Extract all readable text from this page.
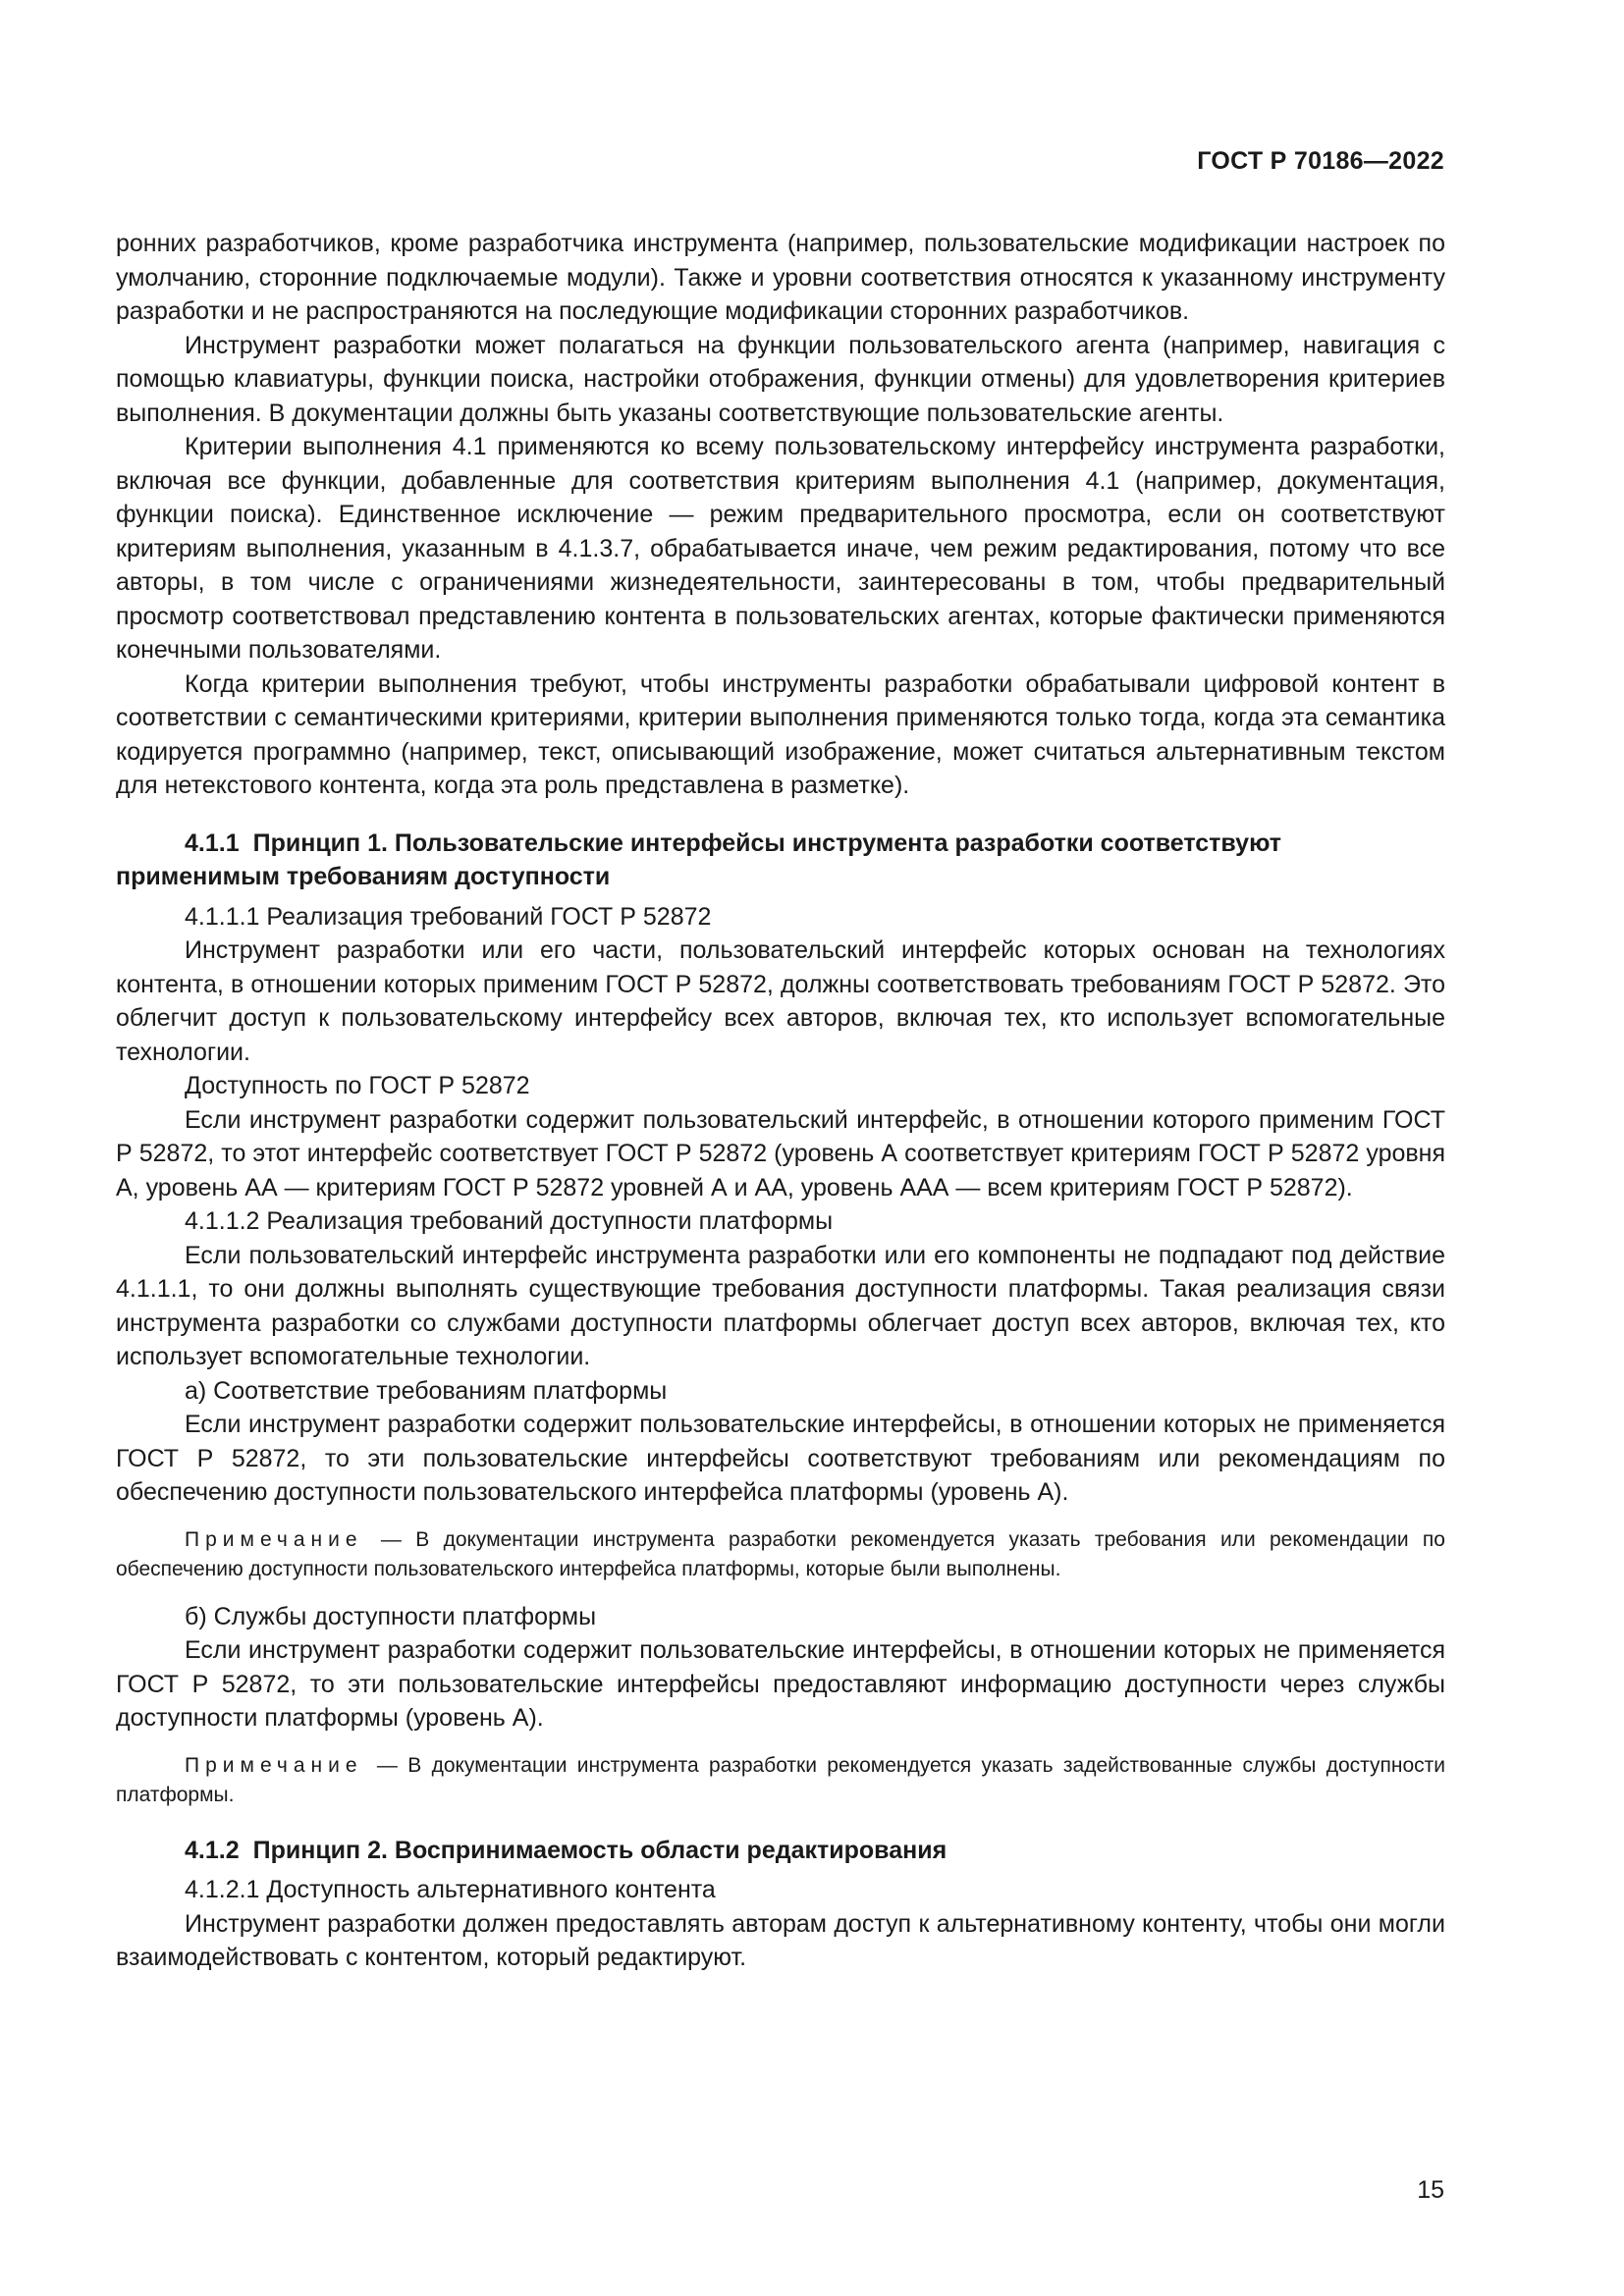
ГОСТ Р 70186—2022

ронних разработчиков, кроме разработчика инструмента (например, пользовательские модификации настроек по умолчанию, сторонние подключаемые модули). Также и уровни соответствия относятся к указанному инструменту разработки и не распространяются на последующие модификации сторонних разработчиков.

Инструмент разработки может полагаться на функции пользовательского агента (например, навигация с помощью клавиатуры, функции поиска, настройки отображения, функции отмены) для удовлетворения критериев выполнения. В документации должны быть указаны соответствующие пользовательские агенты.

Критерии выполнения 4.1 применяются ко всему пользовательскому интерфейсу инструмента разработки, включая все функции, добавленные для соответствия критериям выполнения 4.1 (например, документация, функции поиска). Единственное исключение — режим предварительного просмотра, если он соответствуют критериям выполнения, указанным в 4.1.3.7, обрабатывается иначе, чем режим редактирования, потому что все авторы, в том числе с ограничениями жизнедеятельности, заинтересованы в том, чтобы предварительный просмотр соответствовал представлению контента в пользовательских агентах, которые фактически применяются конечными пользователями.

Когда критерии выполнения требуют, чтобы инструменты разработки обрабатывали цифровой контент в соответствии с семантическими критериями, критерии выполнения применяются только тогда, когда эта семантика кодируется программно (например, текст, описывающий изображение, может считаться альтернативным текстом для нетекстового контента, когда эта роль представлена в разметке).

4.1.1 Принцип 1. Пользовательские интерфейсы инструмента разработки соответствуют применимым требованиям доступности

4.1.1.1 Реализация требований ГОСТ Р 52872

Инструмент разработки или его части, пользовательский интерфейс которых основан на технологиях контента, в отношении которых применим ГОСТ Р 52872, должны соответствовать требованиям ГОСТ Р 52872. Это облегчит доступ к пользовательскому интерфейсу всех авторов, включая тех, кто использует вспомогательные технологии.

Доступность по ГОСТ Р 52872

Если инструмент разработки содержит пользовательский интерфейс, в отношении которого применим ГОСТ Р 52872, то этот интерфейс соответствует ГОСТ Р 52872 (уровень А соответствует критериям ГОСТ Р 52872 уровня А, уровень АА — критериям ГОСТ Р 52872 уровней А и АА, уровень ААА — всем критериям ГОСТ Р 52872).

4.1.1.2 Реализация требований доступности платформы

Если пользовательский интерфейс инструмента разработки или его компоненты не подпадают под действие 4.1.1.1, то они должны выполнять существующие требования доступности платформы. Такая реализация связи инструмента разработки со службами доступности платформы облегчает доступ всех авторов, включая тех, кто использует вспомогательные технологии.

а) Соответствие требованиям платформы

Если инструмент разработки содержит пользовательские интерфейсы, в отношении которых не применяется ГОСТ Р 52872, то эти пользовательские интерфейсы соответствуют требованиям или рекомендациям по обеспечению доступности пользовательского интерфейса платформы (уровень А).

Примечание — В документации инструмента разработки рекомендуется указать требования или рекомендации по обеспечению доступности пользовательского интерфейса платформы, которые были выполнены.

б) Службы доступности платформы

Если инструмент разработки содержит пользовательские интерфейсы, в отношении которых не применяется ГОСТ Р 52872, то эти пользовательские интерфейсы предоставляют информацию доступности через службы доступности платформы (уровень А).

Примечание — В документации инструмента разработки рекомендуется указать задействованные службы доступности платформы.

4.1.2 Принцип 2. Воспринимаемость области редактирования

4.1.2.1 Доступность альтернативного контента

Инструмент разработки должен предоставлять авторам доступ к альтернативному контенту, чтобы они могли взаимодействовать с контентом, который редактируют.

15
